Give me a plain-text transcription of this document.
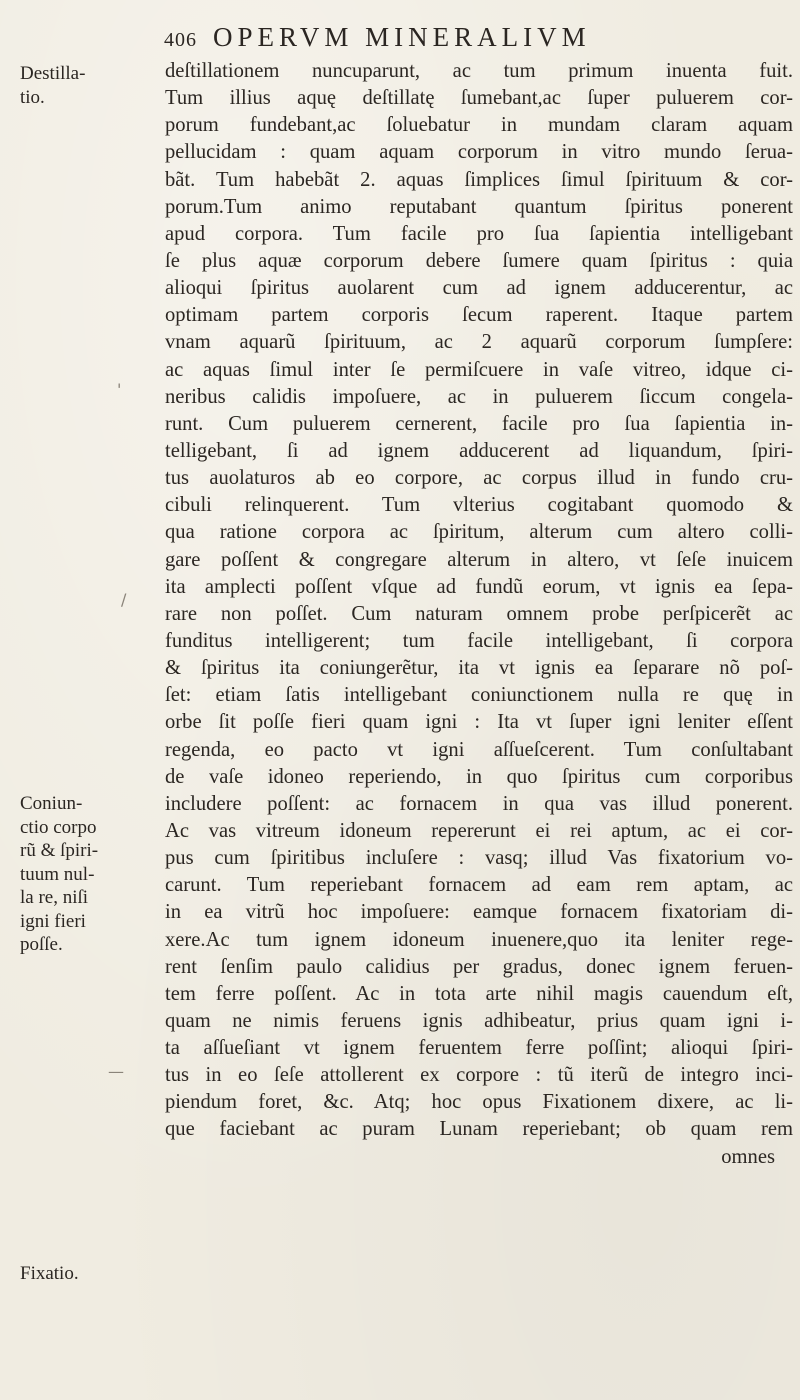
406 OPERVM MINERALIVM
Destilla-
tio.
Coniun-
ctio corpo
rũ & ſpiri-
tuum nul-
la re, niſi
igni fieri
poſſe.
Fixatio.
'
/
—
deſtillationem nuncuparunt, ac tum primum inuenta fuit.
Tum illius aquę deſtillatę ſumebant,ac ſuper puluerem cor-
porum fundebant,ac ſoluebatur in mundam claram aquam
pellucidam : quam aquam corporum in vitro mundo ſerua-
bãt. Tum habebãt 2. aquas ſimplices ſimul ſpirituum & cor-
porum.Tum animo reputabant quantum ſpiritus ponerent
apud corpora. Tum facile pro ſua ſapientia intelligebant
ſe plus aquæ corporum debere ſumere quam ſpiritus : quia
alioqui ſpiritus auolarent cum ad ignem adducerentur, ac
optimam partem corporis ſecum raperent. Itaque partem
vnam aquarũ ſpirituum, ac 2 aquarũ corporum ſumpſere:
ac aquas ſimul inter ſe permiſcuere in vaſe vitreo, idque ci-
neribus calidis impoſuere, ac in puluerem ſiccum congela-
runt. Cum puluerem cernerent, facile pro ſua ſapientia in-
telligebant, ſi ad ignem adducerent ad liquandum, ſpiri-
tus auolaturos ab eo corpore, ac corpus illud in fundo cru-
cibuli relinquerent. Tum vlterius cogitabant quomodo &
qua ratione corpora ac ſpiritum, alterum cum altero colli-
gare poſſent & congregare alterum in altero, vt ſeſe inuicem
ita amplecti poſſent vſque ad fundũ eorum, vt ignis ea ſepa-
rare non poſſet. Cum naturam omnem probe perſpicerẽt ac
funditus intelligerent; tum facile intelligebant, ſi corpora
& ſpiritus ita coniungerẽtur, ita vt ignis ea ſeparare nõ poſ-
ſet: etiam ſatis intelligebant coniunctionem nulla re quę in
orbe ſit poſſe fieri quam igni : Ita vt ſuper igni leniter eſſent
regenda, eo pacto vt igni aſſueſcerent. Tum conſultabant
de vaſe idoneo reperiendo, in quo ſpiritus cum corporibus
includere poſſent: ac fornacem in qua vas illud ponerent.
Ac vas vitreum idoneum repererunt ei rei aptum, ac ei cor-
pus cum ſpiritibus incluſere : vasq; illud Vas fixatorium vo-
carunt. Tum reperiebant fornacem ad eam rem aptam, ac
in ea vitrũ hoc impoſuere: eamque fornacem fixatoriam di-
xere.Ac tum ignem idoneum inuenere,quo ita leniter rege-
rent ſenſim paulo calidius per gradus, donec ignem feruen-
tem ferre poſſent. Ac in tota arte nihil magis cauendum eſt,
quam ne nimis feruens ignis adhibeatur, prius quam igni i-
ta aſſueſiant vt ignem feruentem ferre poſſint; alioqui ſpiri-
tus in eo ſeſe attollerent ex corpore : tũ iterũ de integro inci-
piendum foret, &c. Atq; hoc opus Fixationem dixere, ac li-
que faciebant ac puram Lunam reperiebant; ob quam rem
omnes
